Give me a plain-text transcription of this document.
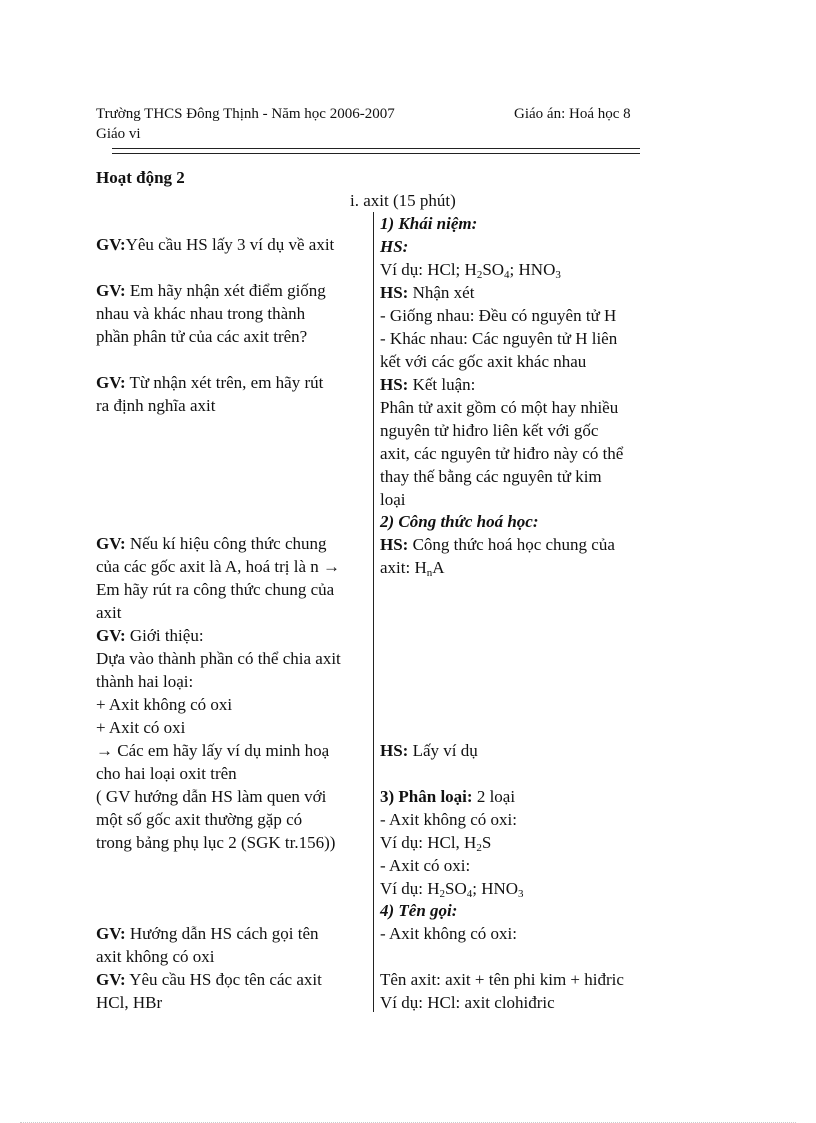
Trường THCS Đông Thịnh - Năm học 2006-2007
Giáo vi
Giáo án: Hoá học 8
Hoạt động 2
i. axit (15 phút)
GV:Yêu cầu HS lấy 3 ví dụ về axit
GV: Em hãy nhận xét điểm giống
nhau và khác nhau trong thành
phần phân tử của các axit trên?
GV: Từ nhận xét trên, em hãy rút
ra định nghĩa axit
GV: Nếu kí hiệu công thức chung
của các gốc axit là A, hoá trị là n →
Em hãy rút ra công thức chung của
axit
GV: Giới thiệu:
Dựa vào thành phần có thể chia axit
thành hai loại:
+ Axit không có oxi
+ Axit có oxi
→ Các em hãy lấy ví dụ minh hoạ
cho hai loại oxit trên
( GV hướng dẫn HS làm quen với
một số gốc axit thường gặp có
trong bảng phụ lục 2 (SGK tr.156))
GV: Hướng dẫn HS cách gọi tên
axit không có oxi
GV: Yêu cầu HS đọc tên các axit
HCl, HBr
1) Khái niệm:
HS:
Ví dụ: HCl; $H_2SO_4$; $HNO_3$
HS: Nhận xét
- Giống nhau: Đều có nguyên tử H
- Khác nhau: Các nguyên tử H liên
kết với các gốc axit khác nhau
HS: Kết luận:
Phân tử axit gồm có một hay nhiều
nguyên tử hiđro liên kết với gốc
axit, các nguyên tử hiđro này có thể
thay thế bằng các nguyên tử kim
loại
2) Công thức hoá học:
HS: Công thức hoá học chung của
axit: $H_nA$
HS: Lấy ví dụ
3) Phân loại: 2 loại
- Axit không có oxi:
Ví dụ: HCl, $H_2S$
- Axit có oxi:
Ví dụ: $H_2SO_4$; $HNO_3$
4) Tên gọi:
- Axit không có oxi:
Tên axit: axit + tên phi kim + hiđric
Ví dụ: HCl: axit clohiđric
